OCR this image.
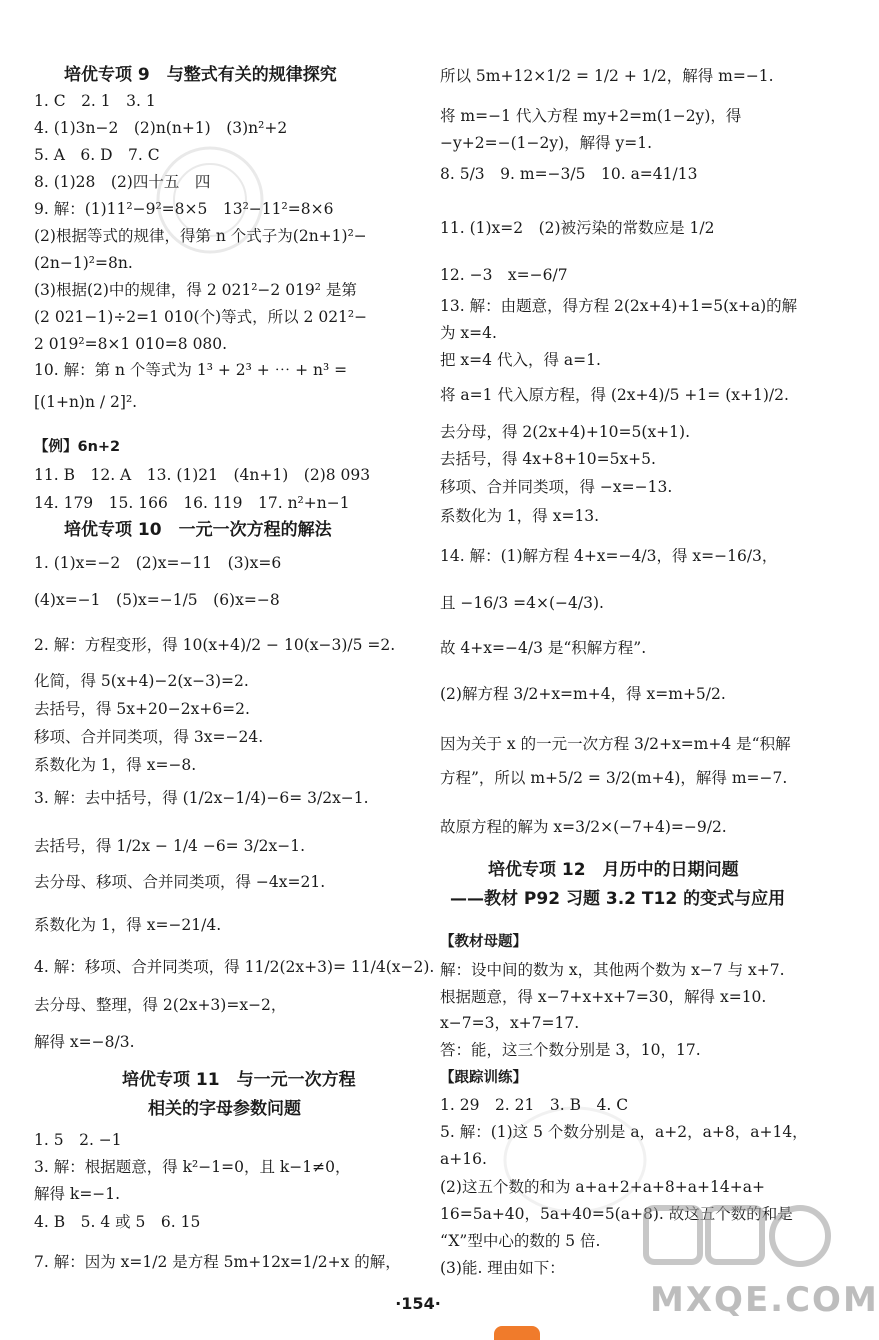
培优专项 9　与整式有关的规律探究
1. C　2. 1　3. 1
4. (1)3n−2　(2)n(n+1)　(3)n²+2
5. A　6. D　7. C
8. (1)28　(2)四十五　四
9. 解：(1)11²−9²=8×5　13²−11²=8×6
(2)根据等式的规律，得第 n 个式子为(2n+1)²−
(2n−1)²=8n.
(3)根据(2)中的规律，得 2 021²−2 019² 是第
(2 021−1)÷2=1 010(个)等式，所以 2 021²−
2 019²=8×1 010=8 080.
10. 解：第 n 个等式为 1³ + 2³ + ⋯ + n³ =
[(1+n)n / 2]².
【例】6n+2
11. B　12. A　13. (1)21　(4n+1)　(2)8 093
14. 179　15. 166　16. 119　17. n²+n−1
培优专项 10　一元一次方程的解法
1. (1)x=−2　(2)x=−11　(3)x=6
(4)x=−1　(5)x=−1/5　(6)x=−8
2. 解：方程变形，得 10(x+4)/2 − 10(x−3)/5 =2.
化简，得 5(x+4)−2(x−3)=2.
去括号，得 5x+20−2x+6=2.
移项、合并同类项，得 3x=−24.
系数化为 1，得 x=−8.
3. 解：去中括号，得 (1/2x−1/4)−6= 3/2x−1.
去括号，得 1/2x − 1/4 −6= 3/2x−1.
去分母、移项、合并同类项，得 −4x=21.
系数化为 1，得 x=−21/4.
4. 解：移项、合并同类项，得 11/2(2x+3)= 11/4(x−2).
去分母、整理，得 2(2x+3)=x−2，
解得 x=−8/3.
培优专项 11　与一元一次方程
相关的字母参数问题
1. 5　2. −1
3. 解：根据题意，得 k²−1=0，且 k−1≠0，
解得 k=−1.
4. B　5. 4 或 5　6. 15
7. 解：因为 x=1/2 是方程 5m+12x=1/2+x 的解，
所以 5m+12×1/2 = 1/2 + 1/2，解得 m=−1.
将 m=−1 代入方程 my+2=m(1−2y)，得
−y+2=−(1−2y)，解得 y=1.
8. 5/3　9. m=−3/5　10. a=41/13
11. (1)x=2　(2)被污染的常数应是 1/2
12. −3　x=−6/7
13. 解：由题意，得方程 2(2x+4)+1=5(x+a)的解
为 x=4.
把 x=4 代入，得 a=1.
将 a=1 代入原方程，得 (2x+4)/5 +1= (x+1)/2.
去分母，得 2(2x+4)+10=5(x+1).
去括号，得 4x+8+10=5x+5.
移项、合并同类项，得 −x=−13.
系数化为 1，得 x=13.
14. 解：(1)解方程 4+x=−4/3，得 x=−16/3，
且 −16/3 =4×(−4/3).
故 4+x=−4/3 是“积解方程”.
(2)解方程 3/2+x=m+4，得 x=m+5/2.
因为关于 x 的一元一次方程 3/2+x=m+4 是“积解
方程”，所以 m+5/2 = 3/2(m+4)，解得 m=−7.
故原方程的解为 x=3/2×(−7+4)=−9/2.
培优专项 12　月历中的日期问题
——教材 P92 习题 3.2 T12 的变式与应用
【教材母题】
解：设中间的数为 x，其他两个数为 x−7 与 x+7.
根据题意，得 x−7+x+x+7=30，解得 x=10.
x−7=3，x+7=17.
答：能，这三个数分别是 3，10，17.
【跟踪训练】
1. 29　2. 21　3. B　4. C
5. 解：(1)这 5 个数分别是 a，a+2，a+8，a+14，
a+16.
(2)这五个数的和为 a+a+2+a+8+a+14+a+
16=5a+40，5a+40=5(a+8). 故这五个数的和是
“X”型中心的数的 5 倍.
(3)能. 理由如下：
MXQE.COM
·154·
